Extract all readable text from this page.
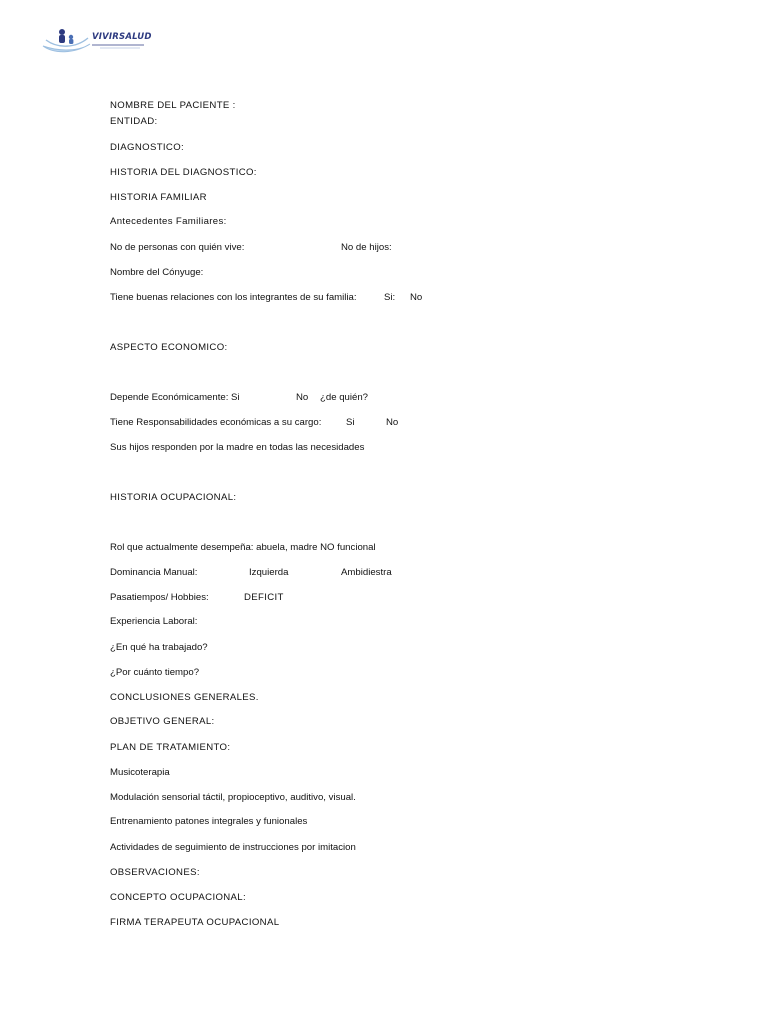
VIVIRSALUD
NOMBRE DEL PACIENTE :
ENTIDAD:
DIAGNOSTICO:
HISTORIA DEL DIAGNOSTICO:
HISTORIA FAMILIAR
Antecedentes Familiares:
No de personas con quién vive:	No de hijos:
Nombre del Cónyuge:
Tiene buenas relaciones con los integrantes de su familia:	Si: No
ASPECTO ECONOMICO:
Depende Económicamente: Si	No ¿de quién?
Tiene Responsabilidades económicas a su cargo:	Si	No
Sus hijos responden por la madre en todas las necesidades
HISTORIA OCUPACIONAL:
Rol que actualmente desempeña: abuela, madre NO funcional
Dominancia Manual:	Izquierda	Ambidiestra
Pasatiempos/ Hobbies:	DEFICIT
Experiencia Laboral:
¿En qué ha trabajado?
¿Por cuánto tiempo?
CONCLUSIONES GENERALES.
OBJETIVO GENERAL:
PLAN DE TRATAMIENTO:
Musicoterapia
Modulación sensorial táctil, propioceptivo, auditivo, visual.
Entrenamiento patones integrales y funionales
Actividades de seguimiento de instrucciones por imitacion
OBSERVACIONES:
CONCEPTO OCUPACIONAL:
FIRMA TERAPEUTA OCUPACIONAL
